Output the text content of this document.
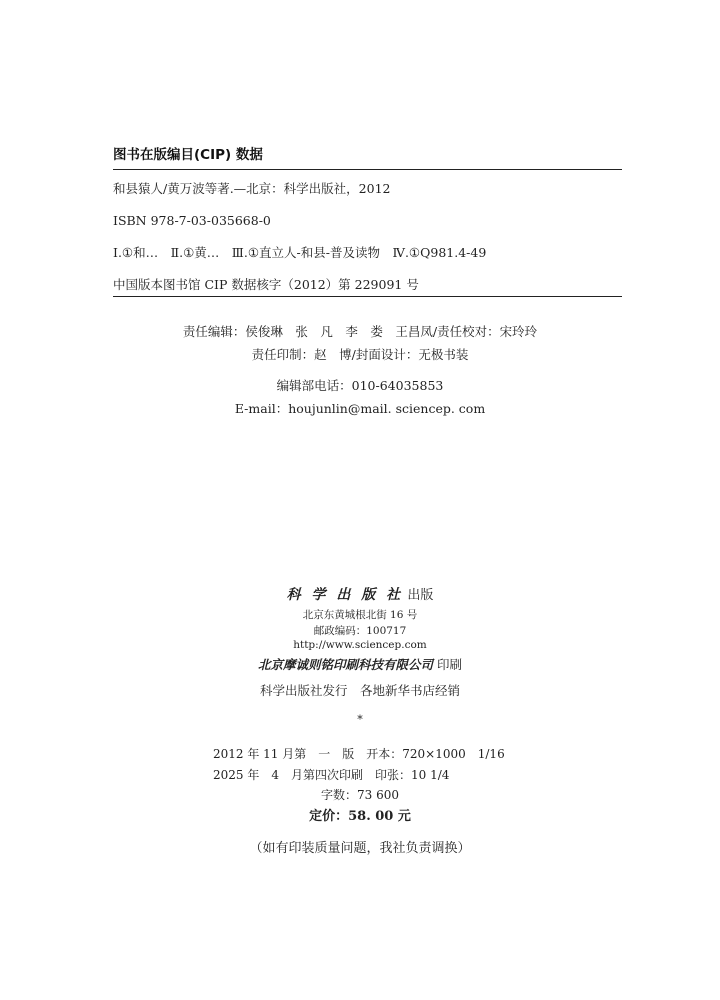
图书在版编目(CIP) 数据
和县猿人/黄万波等著.—北京：科学出版社，2012
ISBN 978-7-03-035668-0
Ⅰ.①和…　Ⅱ.①黄…　Ⅲ.①直立人-和县-普及读物　Ⅳ.①Q981.4-49
中国版本图书馆 CIP 数据核字（2012）第 229091 号
责任编辑：侯俊琳　张　凡　李　娄　王昌凤/责任校对：宋玲玲
责任印制：赵　博/封面设计：无极书装
编辑部电话：010-64035853
E-mail：houjunlin@mail. sciencep. com
科 学 出 版 社 出版
北京东黄城根北街 16 号
邮政编码：100717
http://www.sciencep.com
北京摩诚则铭印刷科技有限公司 印刷
科学出版社发行　各地新华书店经销
*
2012 年 11 月第　一　版　开本：720×1000　1/16
2025 年　4　月第四次印刷　印张：10 1/4
字数：73 600
定价：58. 00 元
（如有印装质量问题，我社负责调换）
